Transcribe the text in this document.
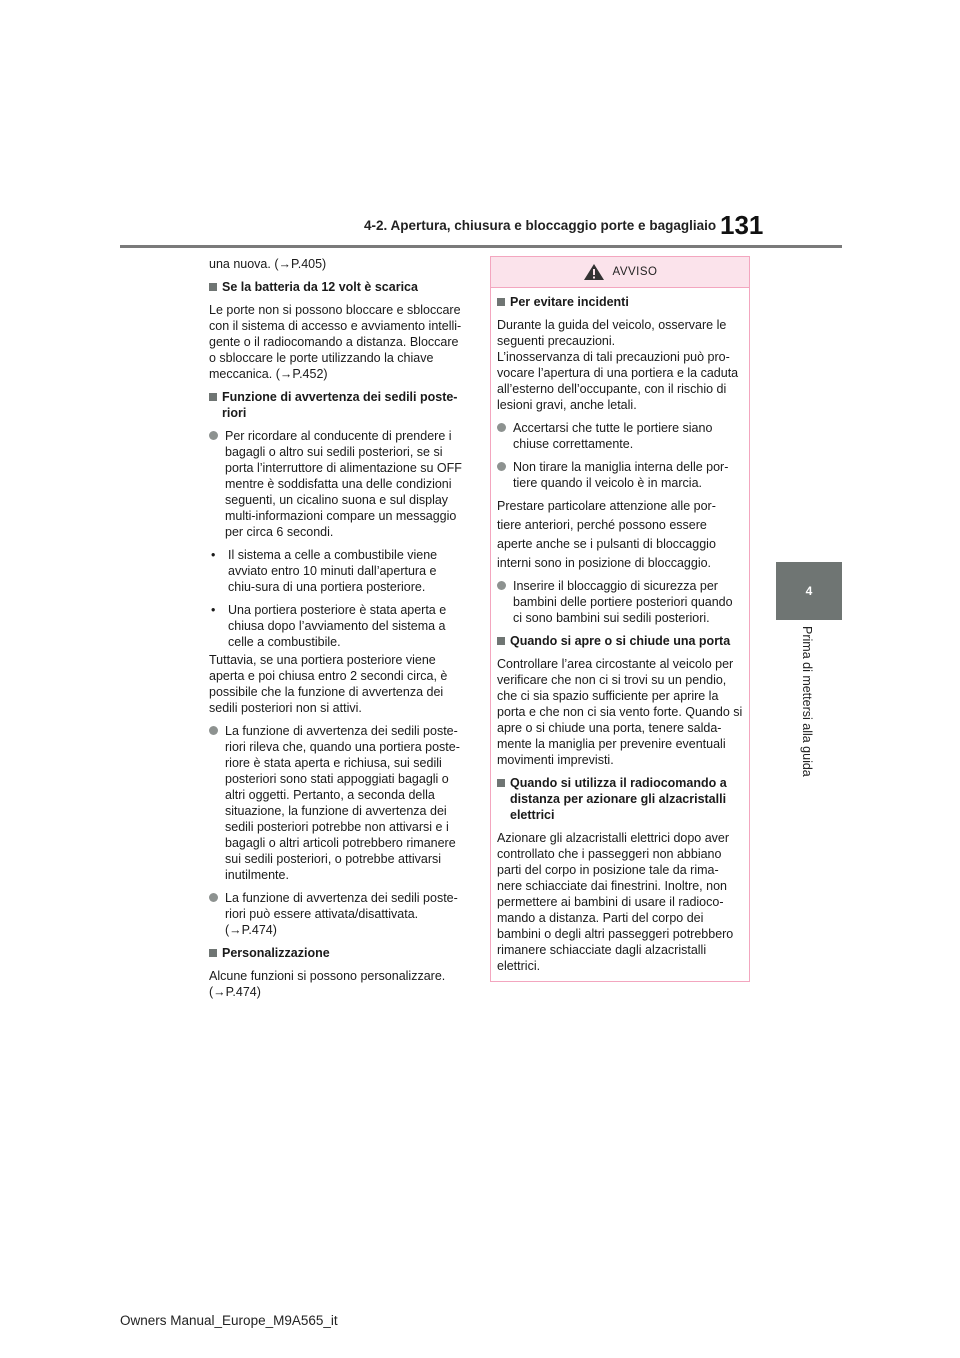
4-2. Apertura, chiusura e bloccaggio porte e bagagliaio 131
4
Prima di mettersi alla guida

una nuova. (→P.405)

Se la batteria da 12 volt è scarica

Le porte non si possono bloccare e sbloccare con il sistema di accesso e avviamento intelli-gente o il radiocomando a distanza. Bloccare o sbloccare le porte utilizzando la chiave meccanica. (→P.452)

Funzione di avvertenza dei sedili poste-riori

Per ricordare al conducente di prendere i bagagli o altro sui sedili posteriori, se si porta l’interruttore di alimentazione su OFF mentre è soddisfatta una delle condizioni seguenti, un cicalino suona e sul display multi-informazioni compare un messaggio per circa 6 secondi.

•	Il sistema a celle a combustibile viene avviato entro 10 minuti dall’apertura e chiu-sura di una portiera posteriore.

•	Una portiera posteriore è stata aperta e chiusa dopo l’avviamento del sistema a celle a combustibile.

Tuttavia, se una portiera posteriore viene aperta e poi chiusa entro 2 secondi circa, è possibile che la funzione di avvertenza dei sedili posteriori non si attivi.

La funzione di avvertenza dei sedili poste-riori rileva che, quando una portiera poste-riore è stata aperta e richiusa, sui sedili posteriori sono stati appoggiati bagagli o altri oggetti. Pertanto, a seconda della situazione, la funzione di avvertenza dei sedili posteriori potrebbe non attivarsi e i bagagli o altri articoli potrebbero rimanere sui sedili posteriori, o potrebbe attivarsi inutilmente.

La funzione di avvertenza dei sedili poste-riori può essere attivata/disattivata. (→P.474)

Personalizzazione

Alcune funzioni si possono personalizzare. (→P.474)

AVVISO

Per evitare incidenti

Durante la guida del veicolo, osservare le seguenti precauzioni.

L’inosservanza di tali precauzioni può pro-vocare l’apertura di una portiera e la caduta all’esterno dell’occupante, con il rischio di lesioni gravi, anche letali.

Accertarsi che tutte le portiere siano chiuse correttamente.

Non tirare la maniglia interna delle por-tiere quando il veicolo è in marcia.

Prestare particolare attenzione alle por-

tiere anteriori, perché possono essere

aperte anche se i pulsanti di bloccaggio

interni sono in posizione di bloccaggio.

Inserire il bloccaggio di sicurezza per bambini delle portiere posteriori quando ci sono bambini sui sedili posteriori.

Quando si apre o si chiude una porta

Controllare l’area circostante al veicolo per verificare che non ci si trovi su un pendio, che ci sia spazio sufficiente per aprire la porta e che non ci sia vento forte. Quando si apre o si chiude una porta, tenere salda-mente la maniglia per prevenire eventuali movimenti imprevisti.

Quando si utilizza il radiocomando a distanza per azionare gli alzacristalli elettrici

Azionare gli alzacristalli elettrici dopo aver controllato che i passeggeri non abbiano parti del corpo in posizione tale da rima-nere schiacciate dai finestrini. Inoltre, non permettere ai bambini di usare il radioco-mando a distanza. Parti del corpo dei bambini o degli altri passeggeri potrebbero rimanere schiacciate dagli alzacristalli elettrici.

Owners Manual_Europe_M9A565_it
